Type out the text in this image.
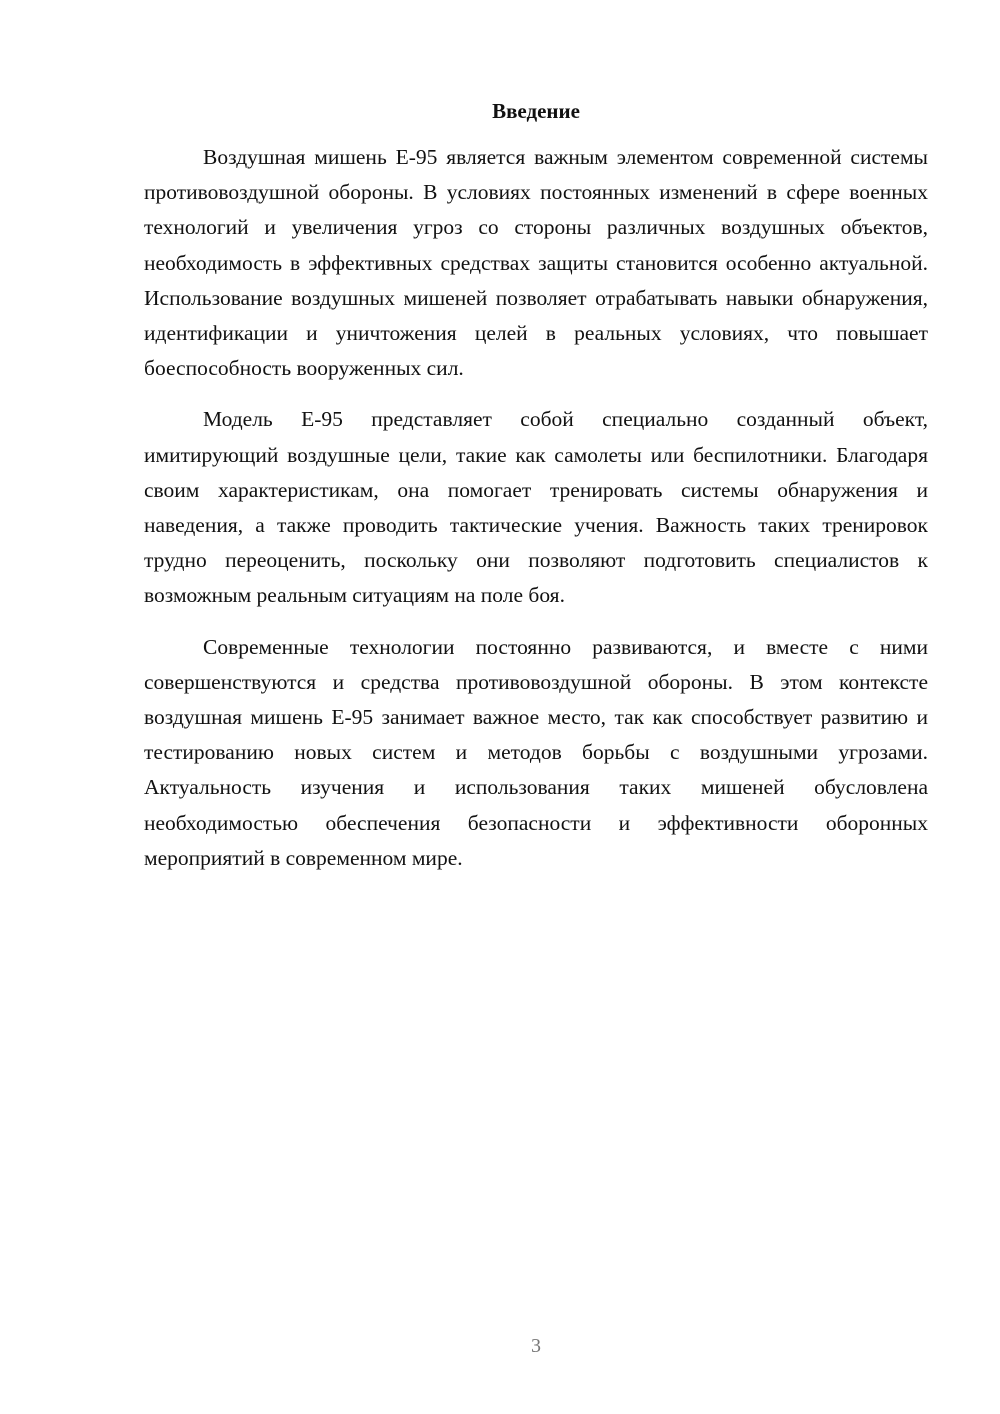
Введение

Воздушная мишень Е-95 является важным элементом современной системы противовоздушной обороны. В условиях постоянных изменений в сфере военных технологий и увеличения угроз со стороны различных воздушных объектов, необходимость в эффективных средствах защиты становится особенно актуальной. Использование воздушных мишеней позволяет отрабатывать навыки обнаружения, идентификации и уничтожения целей в реальных условиях, что повышает боеспособность вооруженных сил.

Модель Е-95 представляет собой специально созданный объект, имитирующий воздушные цели, такие как самолеты или беспилотники. Благодаря своим характеристикам, она помогает тренировать системы обнаружения и наведения, а также проводить тактические учения. Важность таких тренировок трудно переоценить, поскольку они позволяют подготовить специалистов к возможным реальным ситуациям на поле боя.

Современные технологии постоянно развиваются, и вместе с ними совершенствуются и средства противовоздушной обороны. В этом контексте воздушная мишень Е-95 занимает важное место, так как способствует развитию и тестированию новых систем и методов борьбы с воздушными угрозами. Актуальность изучения и использования таких мишеней обусловлена необходимостью обеспечения безопасности и эффективности оборонных мероприятий в современном мире.

3
